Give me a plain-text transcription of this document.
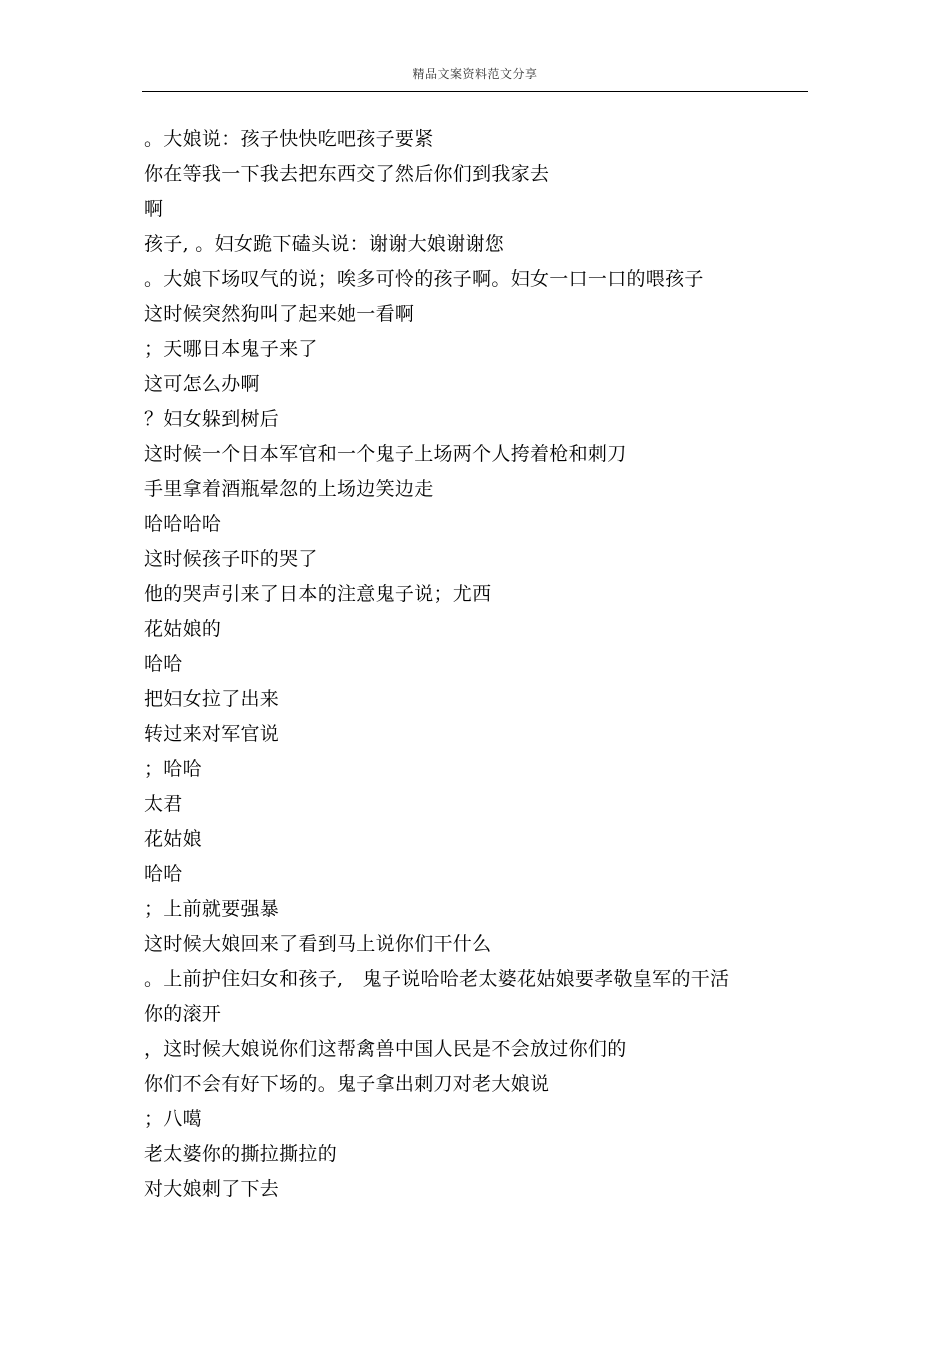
精品文案资料范文分享
。大娘说：孩子快快吃吧孩子要紧
你在等我一下我去把东西交了然后你们到我家去
啊
孩子, 。妇女跪下磕头说：谢谢大娘谢谢您
。大娘下场叹气的说；唉多可怜的孩子啊。妇女一口一口的喂孩子
这时候突然狗叫了起来她一看啊
；天哪日本鬼子来了
这可怎么办啊
？妇女躲到树后
这时候一个日本军官和一个鬼子上场两个人挎着枪和刺刀
手里拿着酒瓶晕忽的上场边笑边走
哈哈哈哈
这时候孩子吓的哭了
他的哭声引来了日本的注意鬼子说；尤西
花姑娘的
哈哈
把妇女拉了出来
转过来对军官说
；哈哈
太君
花姑娘
哈哈
；上前就要强暴
这时候大娘回来了看到马上说你们干什么
。上前护住妇女和孩子,　鬼子说哈哈老太婆花姑娘要孝敬皇军的干活
你的滚开
，这时候大娘说你们这帮禽兽中国人民是不会放过你们的
你们不会有好下场的。鬼子拿出刺刀对老大娘说
；八噶
老太婆你的撕拉撕拉的
对大娘刺了下去
